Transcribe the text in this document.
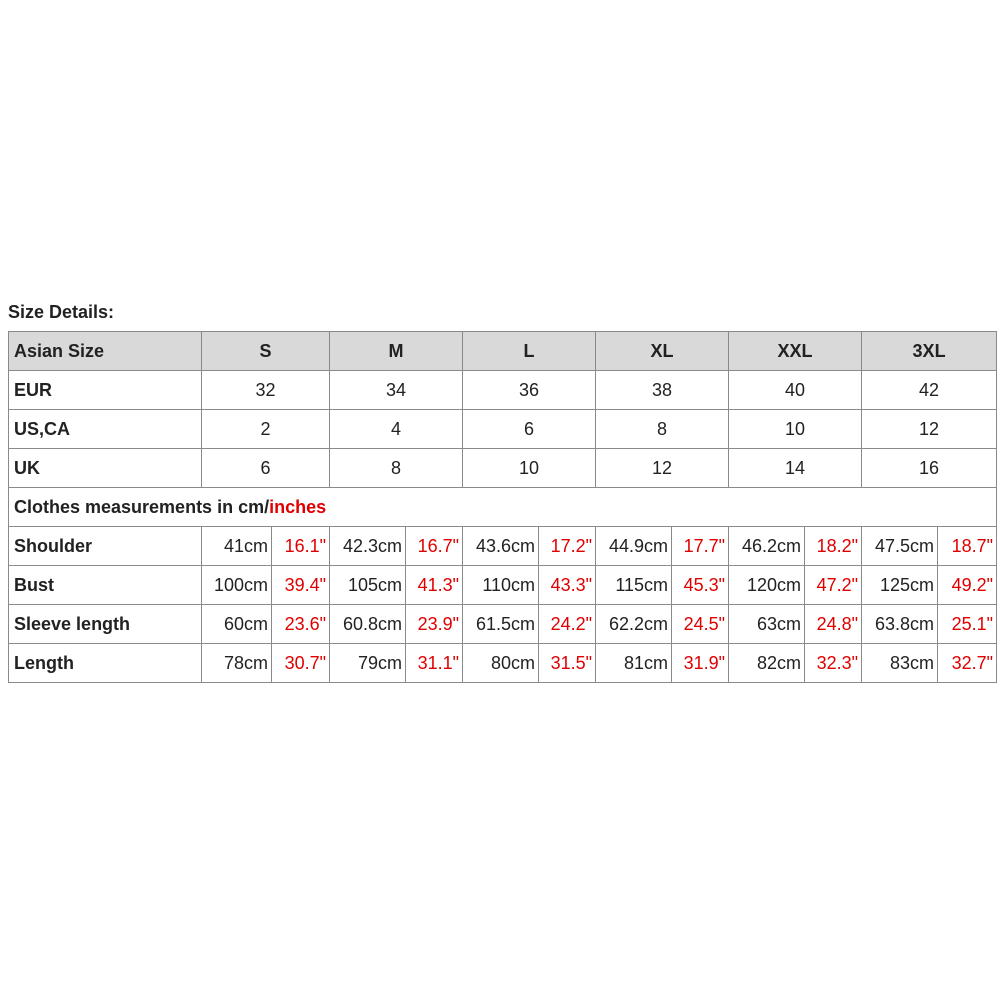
Size Details:
Asian Size	S		M		L		XL		XXL		3XL	
EUR	32		34		36		38		40		42	
US,CA	2		4		6		8		10		12	
UK	6		8		10		12		14		16	
Clothes measurements in cm/inches												
Shoulder	41cm	16.1"	42.3cm	16.7"	43.6cm	17.2"	44.9cm	17.7"	46.2cm	18.2"	47.5cm	18.7"
Bust	100cm	39.4"	105cm	41.3"	110cm	43.3"	115cm	45.3"	120cm	47.2"	125cm	49.2"
Sleeve length	60cm	23.6"	60.8cm	23.9"	61.5cm	24.2"	62.2cm	24.5"	63cm	24.8"	63.8cm	25.1"
Length	78cm	30.7"	79cm	31.1"	80cm	31.5"	81cm	31.9"	82cm	32.3"	83cm	32.7"
